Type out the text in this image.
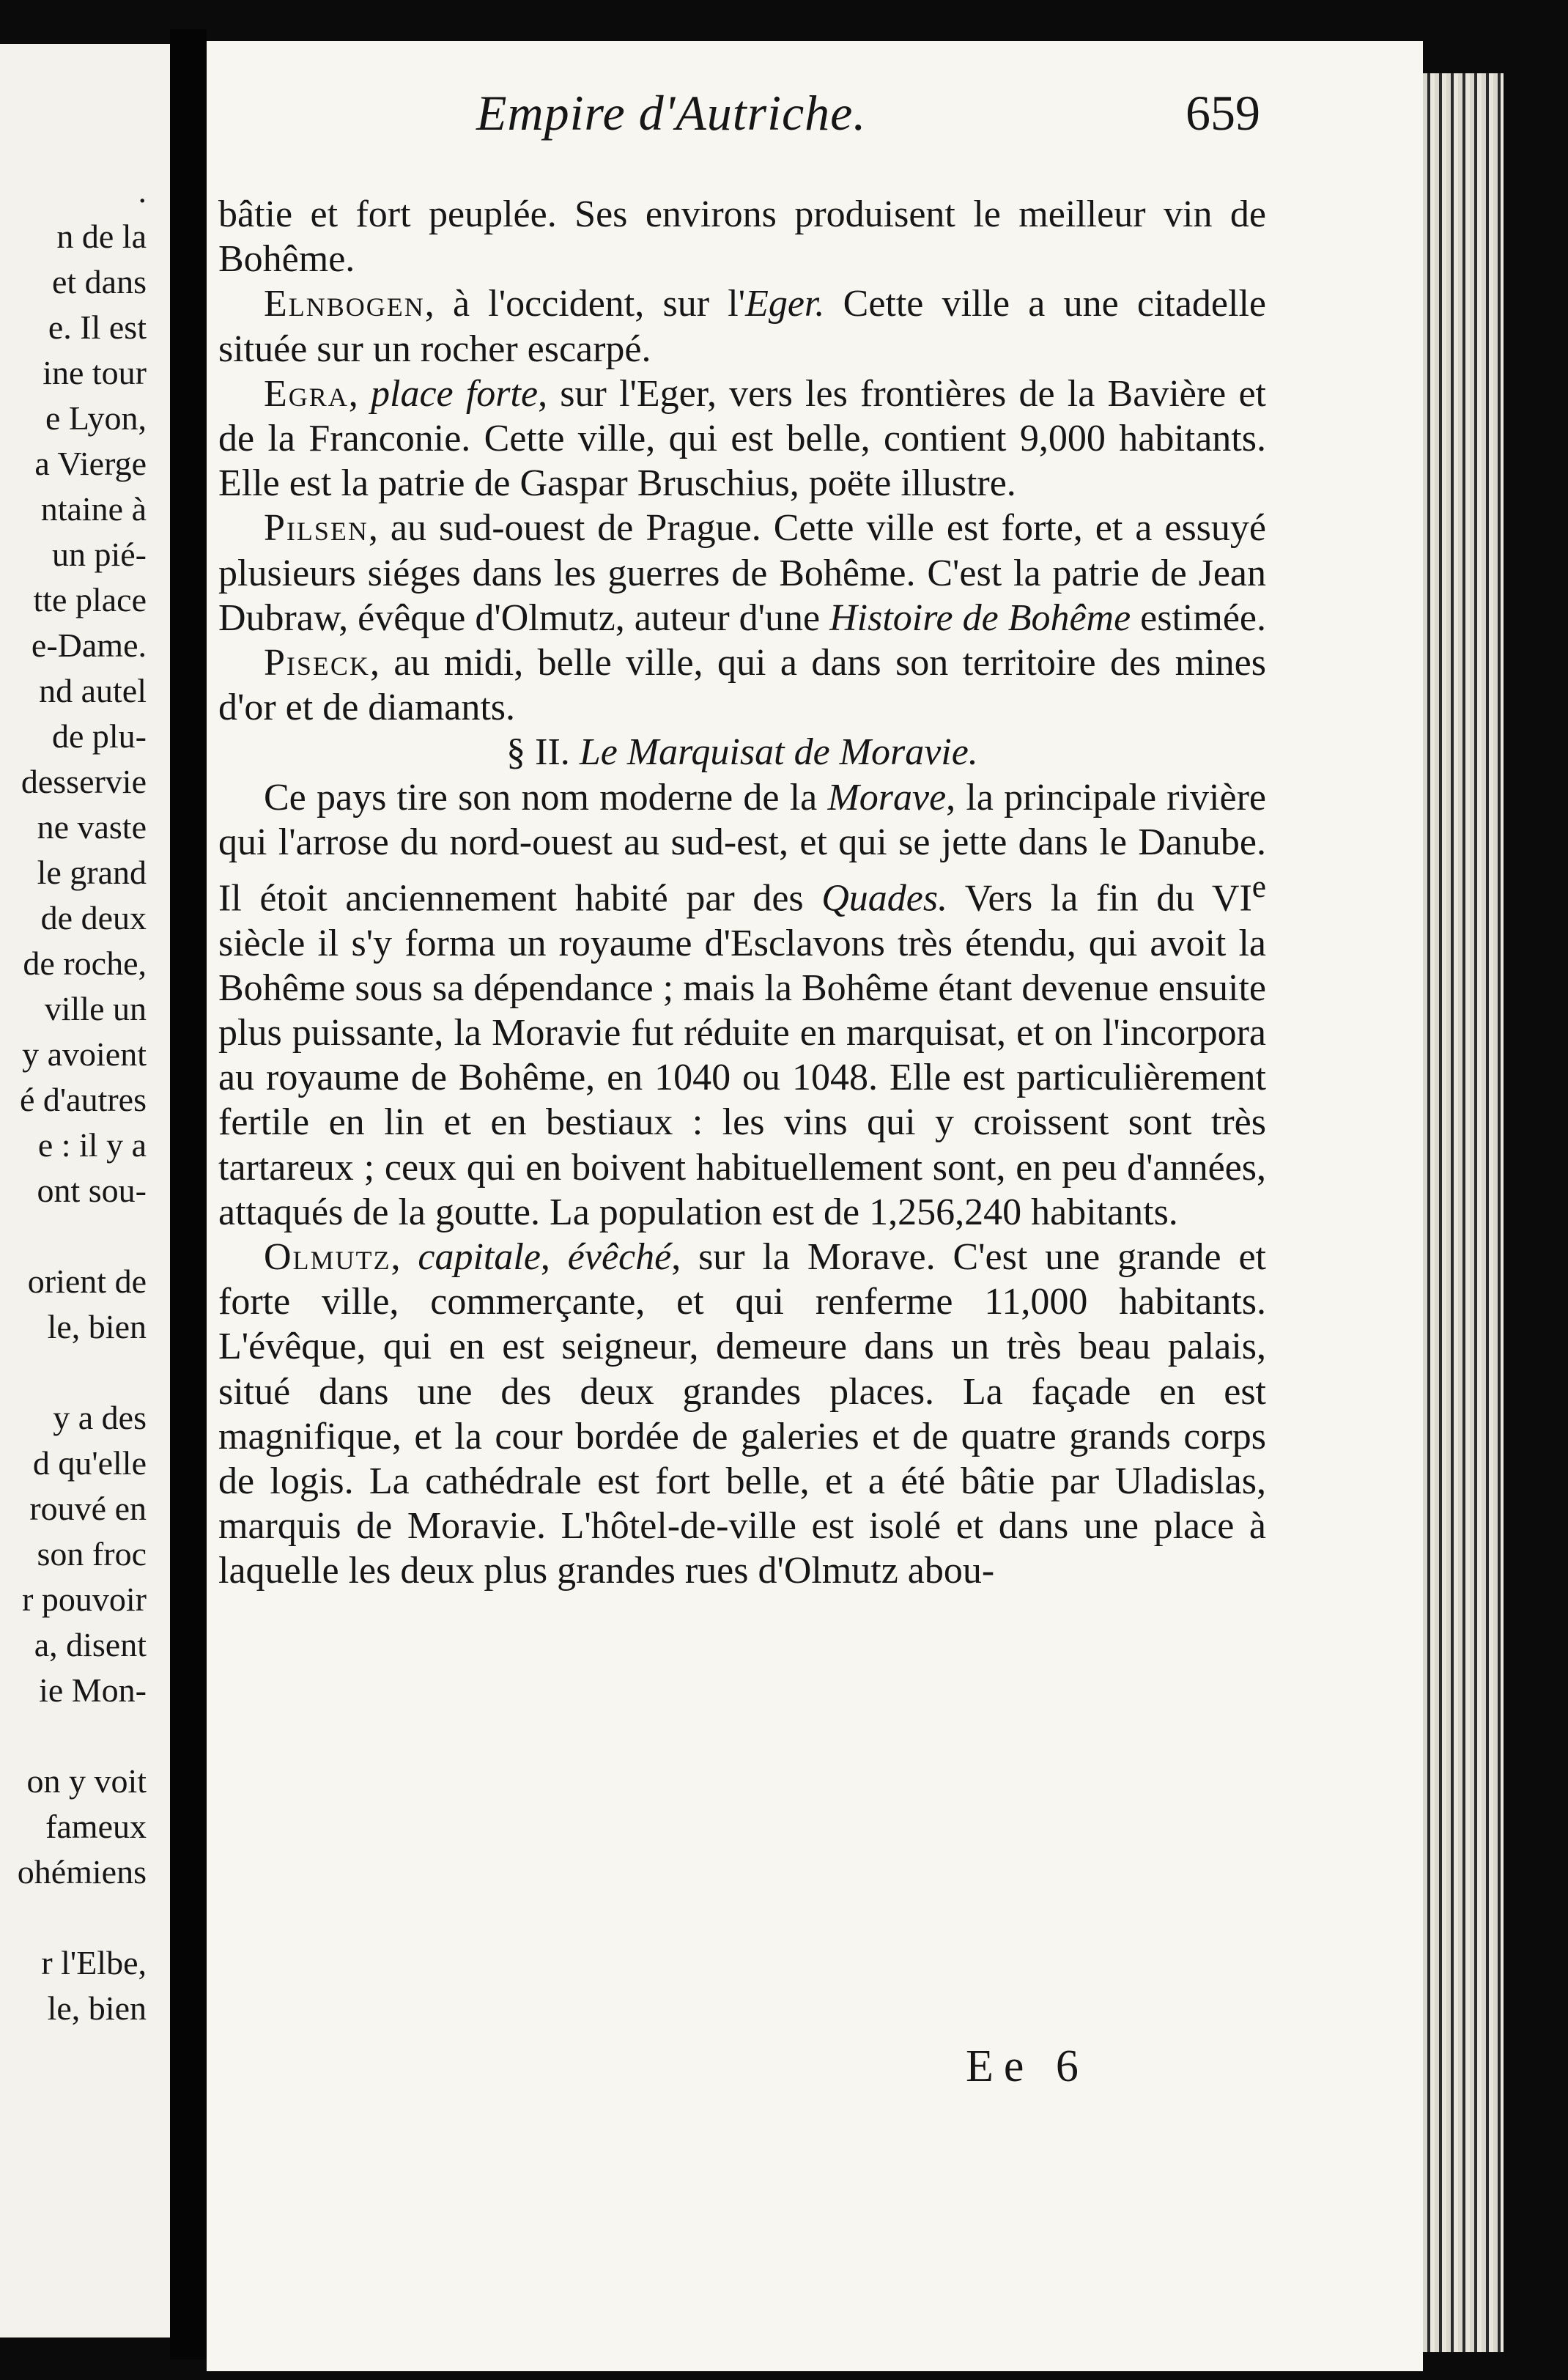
.
n de la
et dans
e. Il est
ine tour
e Lyon,
a Vierge
ntaine à
un pié-
tte place
e-Dame.
nd autel
de plu-
desservie
ne vaste
le grand
de deux
de roche,
ville un
y avoient
é d'autres
e : il y a
ont sou-
orient de
le, bien
y a des
d qu'elle
rouvé en
son froc
r pouvoir
a, disent
ie Mon-
on y voit
fameux
ohémiens
r l'Elbe,
le, bien
Empire d'Autriche.	659

bâtie et fort peuplée. Ses environs produisent le meilleur vin de Bohême.

Elnbogen, à l'occident, sur l'Eger. Cette ville a une citadelle située sur un rocher escarpé.

Egra, place forte, sur l'Eger, vers les frontières de la Bavière et de la Franconie. Cette ville, qui est belle, contient 9,000 habitants. Elle est la patrie de Gaspar Bruschius, poëte illustre.

Pilsen, au sud-ouest de Prague. Cette ville est forte, et a essuyé plusieurs siéges dans les guerres de Bohême. C'est la patrie de Jean Dubraw, évêque d'Olmutz, auteur d'une Histoire de Bohême estimée.

Piseck, au midi, belle ville, qui a dans son territoire des mines d'or et de diamants.

§ II. Le Marquisat de Moravie.

Ce pays tire son nom moderne de la Morave, la principale rivière qui l'arrose du nord-ouest au sud-est, et qui se jette dans le Danube. Il étoit anciennement habité par des Quades. Vers la fin du VIe siècle il s'y forma un royaume d'Esclavons très étendu, qui avoit la Bohême sous sa dépendance ; mais la Bohême étant devenue ensuite plus puissante, la Moravie fut réduite en marquisat, et on l'incorpora au royaume de Bohême, en 1040 ou 1048. Elle est particulièrement fertile en lin et en bestiaux : les vins qui y croissent sont très tartareux ; ceux qui en boivent habituellement sont, en peu d'années, attaqués de la goutte. La population est de 1,256,240 habitants.

Olmutz, capitale, évêché, sur la Morave. C'est une grande et forte ville, commerçante, et qui renferme 11,000 habitants. L'évêque, qui en est seigneur, demeure dans un très beau palais, situé dans une des deux grandes places. La façade en est magnifique, et la cour bordée de galeries et de quatre grands corps de logis. La cathédrale est fort belle, et a été bâtie par Uladislas, marquis de Moravie. L'hôtel-de-ville est isolé et dans une place à laquelle les deux plus grandes rues d'Olmutz abou-

Ee 6
